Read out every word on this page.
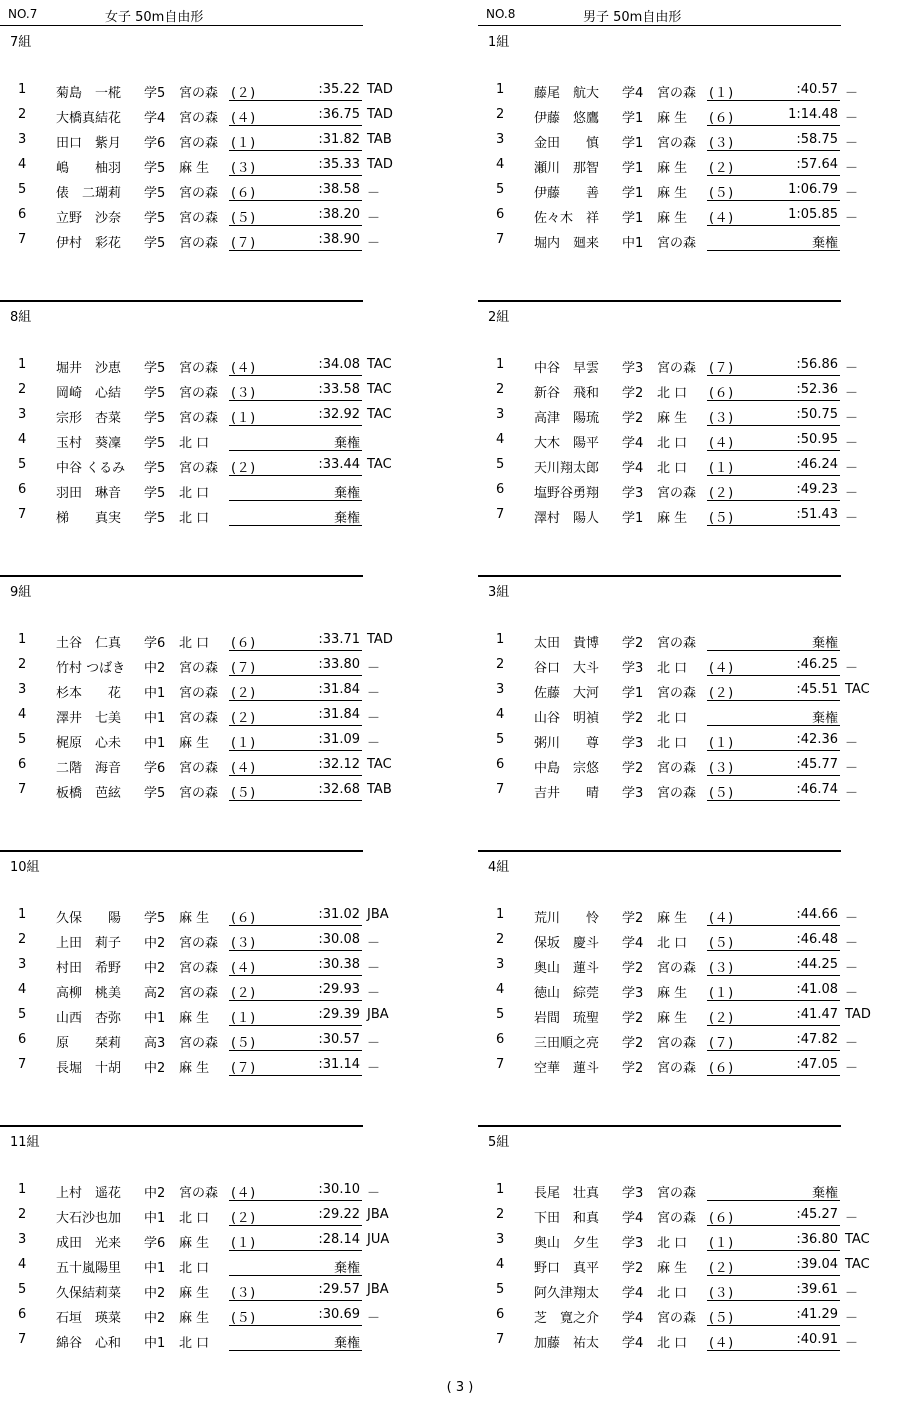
NO.7	女子 50m自由形
7組
1 菊島　一椛 学5 宮の森 (２)	:35.22 TAD
2 大橋真結花 学4 宮の森 (４)	:36.75 TAD
3 田口　紫月 学6 宮の森 (１)	:31.82 TAB
4 嶋　　柚羽 学5 麻 生 (３)	:35.33 TAD
5 俵　二瑚莉 学5 宮の森 (６)	:38.58 －
6 立野　沙奈 学5 宮の森 (５)	:38.20 －
7 伊村　彩花 学5 宮の森 (７)	:38.90 －
8組
1 堀井　沙恵 学5 宮の森 (４)	:34.08 TAC
2 岡崎　心結 学5 宮の森 (３)	:33.58 TAC
3 宗形　杏菜 学5 宮の森 (１)	:32.92 TAC
4 玉村　葵凜 学5 北 口	棄権
5 中谷 くるみ 学5 宮の森 (２)	:33.44 TAC
6 羽田　琳音 学5 北 口	棄権
7 梯　　真実 学5 北 口	棄権
9組
1 土谷　仁真 学6 北 口 (６)	:33.71 TAD
2 竹村 つばき 中2 宮の森 (７)	:33.80 －
3 杉本　　花 中1 宮の森 (２)	:31.84 －
4 澤井　七美 中1 宮の森 (２)	:31.84 －
5 梶原　心未 中1 麻 生 (１)	:31.09 －
6 二階　海音 学6 宮の森 (４)	:32.12 TAC
7 板橋　芭絃 学5 宮の森 (５)	:32.68 TAB
10組
1 久保　　陽 学5 麻 生 (６)	:31.02 JBA
2 上田　莉子 中2 宮の森 (３)	:30.08 －
3 村田　希野 中2 宮の森 (４)	:30.38 －
4 高柳　桃美 高2 宮の森 (２)	:29.93 －
5 山西　杏弥 中1 麻 生 (１)	:29.39 JBA
6 原　　栞莉 高3 宮の森 (５)	:30.57 －
7 長堀　十胡 中2 麻 生 (７)	:31.14 －
11組
1 上村　遥花 中2 宮の森 (４)	:30.10 －
2 大石沙也加 中1 北 口 (２)	:29.22 JBA
3 成田　光来 学6 麻 生 (１)	:28.14 JUA
4 五十嵐陽里 中1 北 口	棄権
5 久保結莉菜 中2 麻 生 (３)	:29.57 JBA
6 石垣　瑛菜 中2 麻 生 (５)	:30.69 －
7 綿谷　心和 中1 北 口	棄権
NO.8	男子 50m自由形
1組
1 藤尾　航大 学4 宮の森 (１)	:40.57 －
2 伊藤　悠鷹 学1 麻 生 (６)	1:14.48 －
3 金田　　慎 学1 宮の森 (３)	:58.75 －
4 瀬川　那智 学1 麻 生 (２)	:57.64 －
5 伊藤　　善 学1 麻 生 (５)	1:06.79 －
6 佐々木　祥 学1 麻 生 (４)	1:05.85 －
7 堀内　廻来 中1 宮の森	棄権
2組
1 中谷　早雲 学3 宮の森 (７)	:56.86 －
2 新谷　飛和 学2 北 口 (６)	:52.36 －
3 高津　陽琉 学2 麻 生 (３)	:50.75 －
4 大木　陽平 学4 北 口 (４)	:50.95 －
5 天川翔太郎 学4 北 口 (１)	:46.24 －
6 塩野谷勇翔 学3 宮の森 (２)	:49.23 －
7 澤村　陽人 学1 麻 生 (５)	:51.43 －
3組
1 太田　貴博 学2 宮の森	棄権
2 谷口　大斗 学3 北 口 (４)	:46.25 －
3 佐藤　大河 学1 宮の森 (２)	:45.51 TAC
4 山谷　明禎 学2 北 口	棄権
5 粥川　　尊 学3 北 口 (１)	:42.36 －
6 中島　宗悠 学2 宮の森 (３)	:45.77 －
7 吉井　　晴 学3 宮の森 (５)	:46.74 －
4組
1 荒川　　怜 学2 麻 生 (４)	:44.66 －
2 保坂　慶斗 学4 北 口 (５)	:46.48 －
3 奥山　蓮斗 学2 宮の森 (３)	:44.25 －
4 徳山　綜莞 学3 麻 生 (１)	:41.08 －
5 岩間　琉聖 学2 麻 生 (２)	:41.47 TAD
6 三田順之亮 学2 宮の森 (７)	:47.82 －
7 空華　蓮斗 学2 宮の森 (６)	:47.05 －
5組
1 長尾　壮真 学3 宮の森	棄権
2 下田　和真 学4 宮の森 (６)	:45.27 －
3 奥山　夕生 学3 北 口 (１)	:36.80 TAC
4 野口　真平 学2 麻 生 (２)	:39.04 TAC
5 阿久津翔太 学4 北 口 (３)	:39.61 －
6 芝　寛之介 学4 宮の森 (５)	:41.29 －
7 加藤　祐太 学4 北 口 (４)	:40.91 －
( 3 )
